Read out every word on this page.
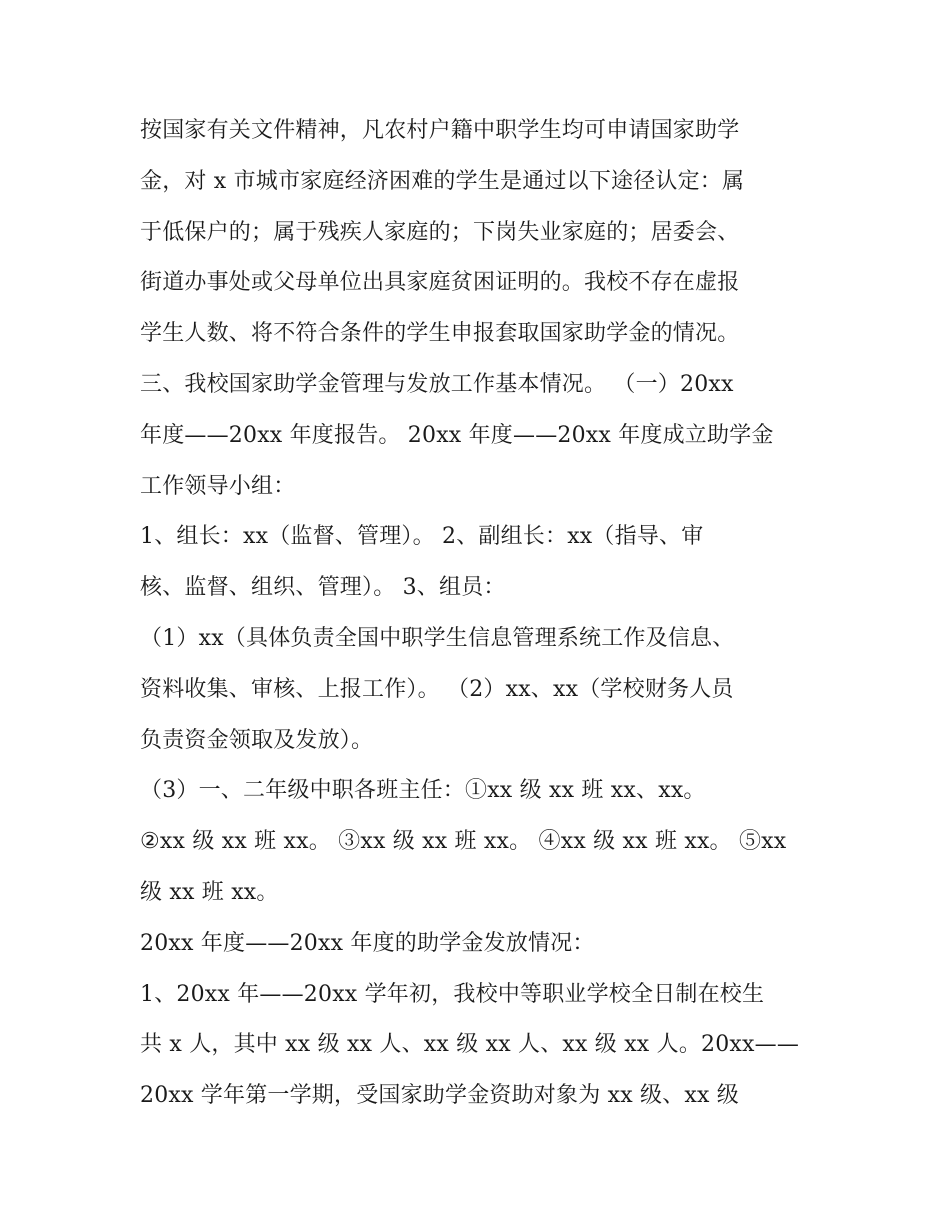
按国家有关文件精神，凡农村户籍中职学生均可申请国家助学
金，对 x 市城市家庭经济困难的学生是通过以下途径认定：属
于低保户的；属于残疾人家庭的；下岗失业家庭的；居委会、
街道办事处或父母单位出具家庭贫困证明的。我校不存在虚报
学生人数、将不符合条件的学生申报套取国家助学金的情况。
三、我校国家助学金管理与发放工作基本情况。 （一）20xx
年度——20xx 年度报告。 20xx 年度——20xx 年度成立助学金
工作领导小组：
1、组长：xx（监督、管理）。 2、副组长：xx（指导、审
核、监督、组织、管理）。 3、组员：
（1）xx（具体负责全国中职学生信息管理系统工作及信息、
资料收集、审核、上报工作）。 （2）xx、xx（学校财务人员
负责资金领取及发放）。
（3）一、二年级中职各班主任：①xx 级 xx 班 xx、xx。
②xx 级 xx 班 xx。 ③xx 级 xx 班 xx。 ④xx 级 xx 班 xx。 ⑤xx
级 xx 班 xx。
20xx 年度——20xx 年度的助学金发放情况：
1、20xx 年——20xx 学年初，我校中等职业学校全日制在校生
共 x 人，其中 xx 级 xx 人、xx 级 xx 人、xx 级 xx 人。20xx——
20xx 学年第一学期，受国家助学金资助对象为 xx 级、xx 级
